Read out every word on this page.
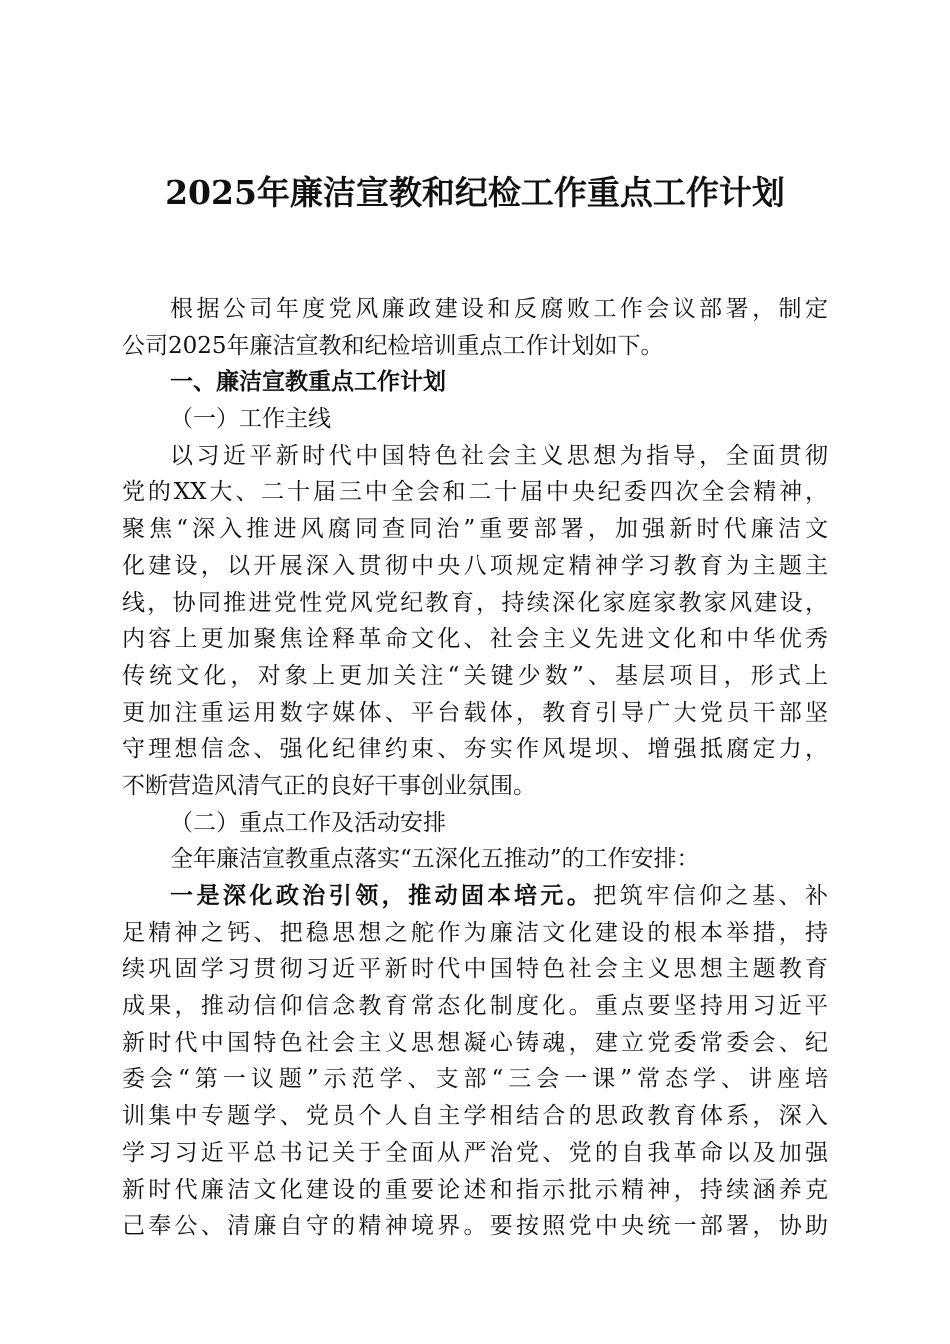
2025年廉洁宣教和纪检工作重点工作计划
根据公司年度党风廉政建设和反腐败工作会议部署，制定
公司2025年廉洁宣教和纪检培训重点工作计划如下。
一、廉洁宣教重点工作计划
（一）工作主线
以习近平新时代中国特色社会主义思想为指导，全面贯彻
党的XX大、二十届三中全会和二十届中央纪委四次全会精神，
聚焦“深入推进风腐同查同治”重要部署，加强新时代廉洁文
化建设，以开展深入贯彻中央八项规定精神学习教育为主题主
线，协同推进党性党风党纪教育，持续深化家庭家教家风建设，
内容上更加聚焦诠释革命文化、社会主义先进文化和中华优秀
传统文化，对象上更加关注“关键少数”、基层项目，形式上
更加注重运用数字媒体、平台载体，教育引导广大党员干部坚
守理想信念、强化纪律约束、夯实作风堤坝、增强抵腐定力，
不断营造风清气正的良好干事创业氛围。
（二）重点工作及活动安排
全年廉洁宣教重点落实“五深化五推动”的工作安排：
一是深化政治引领，推动固本培元。把筑牢信仰之基、补
足精神之钙、把稳思想之舵作为廉洁文化建设的根本举措，持
续巩固学习贯彻习近平新时代中国特色社会主义思想主题教育
成果，推动信仰信念教育常态化制度化。重点要坚持用习近平
新时代中国特色社会主义思想凝心铸魂，建立党委常委会、纪
委会“第一议题”示范学、支部“三会一课”常态学、讲座培
训集中专题学、党员个人自主学相结合的思政教育体系，深入
学习习近平总书记关于全面从严治党、党的自我革命以及加强
新时代廉洁文化建设的重要论述和指示批示精神，持续涵养克
己奉公、清廉自守的精神境界。要按照党中央统一部署，协助
